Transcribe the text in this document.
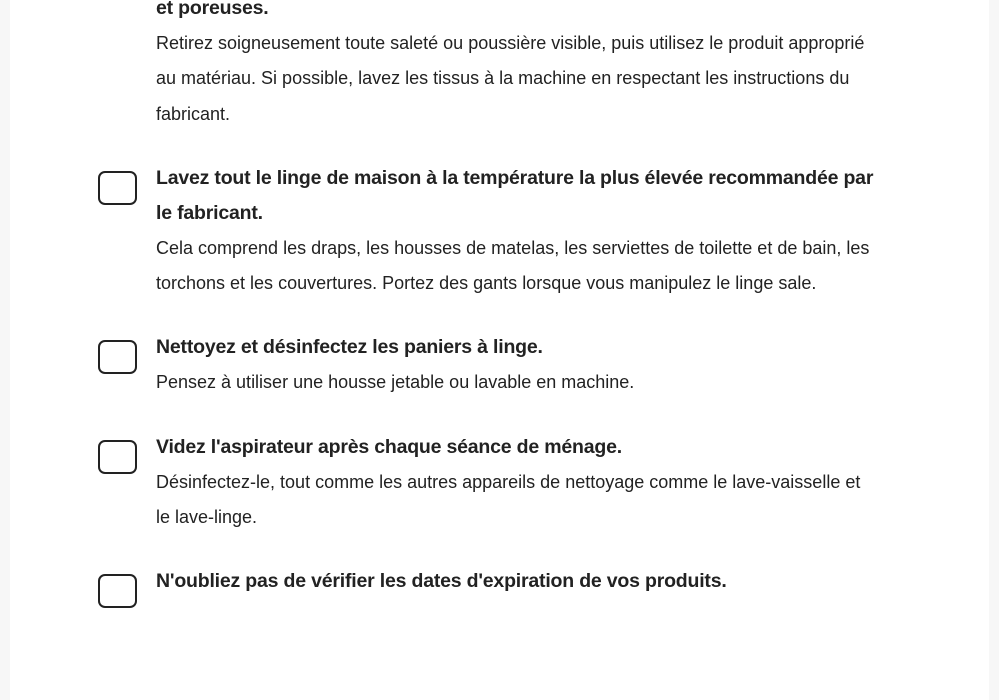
et poreuses.
Retirez soigneusement toute saleté ou poussière visible, puis utilisez le produit approprié au matériau. Si possible, lavez les tissus à la machine en respectant les instructions du fabricant.
Lavez tout le linge de maison à la température la plus élevée recommandée par le fabricant.
Cela comprend les draps, les housses de matelas, les serviettes de toilette et de bain, les torchons et les couvertures. Portez des gants lorsque vous manipulez le linge sale.
Nettoyez et désinfectez les paniers à linge.
Pensez à utiliser une housse jetable ou lavable en machine.
Videz l'aspirateur après chaque séance de ménage.
Désinfectez-le, tout comme les autres appareils de nettoyage comme le lave-vaisselle et le lave-linge.
N'oubliez pas de vérifier les dates d'expiration de vos produits.
